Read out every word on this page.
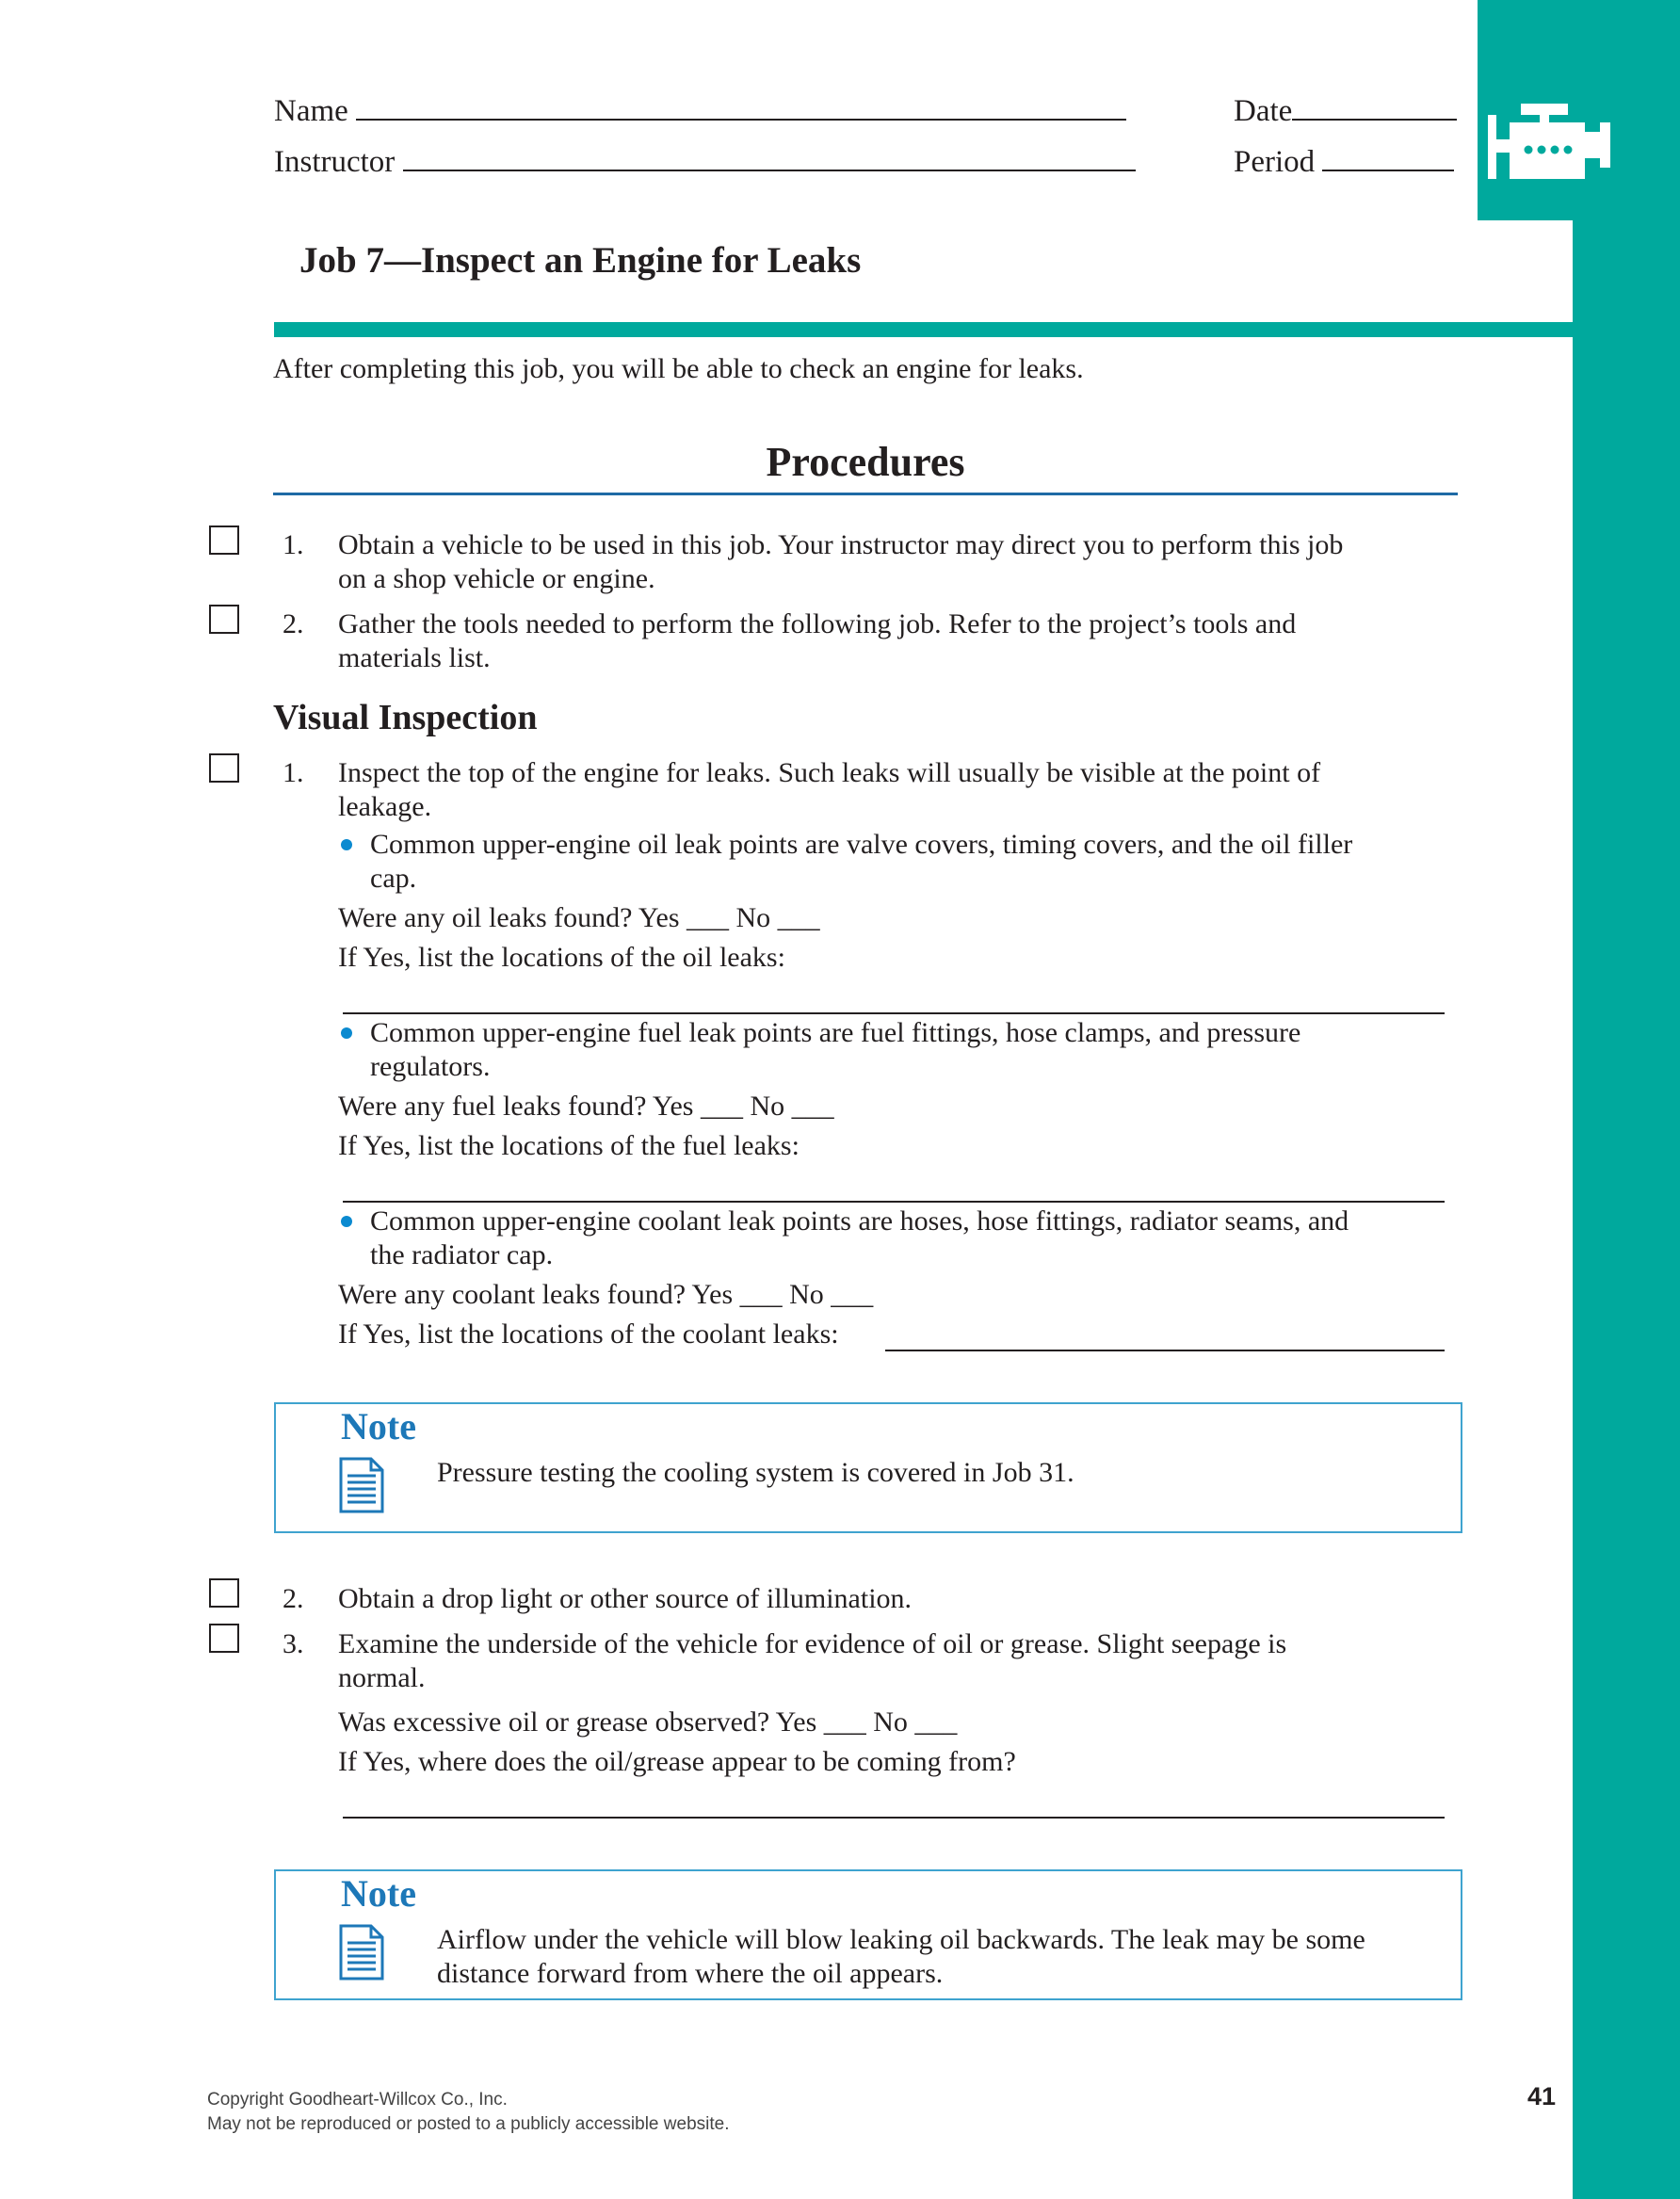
Name
Instructor
Date
Period
Job 7—Inspect an Engine for Leaks
After completing this job, you will be able to check an engine for leaks.
Procedures
1.	Obtain a vehicle to be used in this job. Your instructor may direct you to perform this job
on a shop vehicle or engine.
2.	Gather the tools needed to perform the following job. Refer to the project’s tools and
materials list.
Visual Inspection
1.	Inspect the top of the engine for leaks. Such leaks will usually be visible at the point of
leakage.
Common upper-engine oil leak points are valve covers, timing covers, and the oil filler
cap.
Were any oil leaks found? Yes ___ No ___
If Yes, list the locations of the oil leaks:
Common upper-engine fuel leak points are fuel fittings, hose clamps, and pressure
regulators.
Were any fuel leaks found? Yes ___ No ___
If Yes, list the locations of the fuel leaks:
Common upper-engine coolant leak points are hoses, hose fittings, radiator seams, and
the radiator cap.
Were any coolant leaks found? Yes ___ No ___
If Yes, list the locations of the coolant leaks:
Note
Pressure testing the cooling system is covered in Job 31.
2.	Obtain a drop light or other source of illumination.
3.	Examine the underside of the vehicle for evidence of oil or grease. Slight seepage is
normal.
Was excessive oil or grease observed? Yes ___ No ___
If Yes, where does the oil/grease appear to be coming from?
Note
Airflow under the vehicle will blow leaking oil backwards. The leak may be some
distance forward from where the oil appears.
Copyright Goodheart-Willcox Co., Inc.
May not be reproduced or posted to a publicly accessible website.
41
